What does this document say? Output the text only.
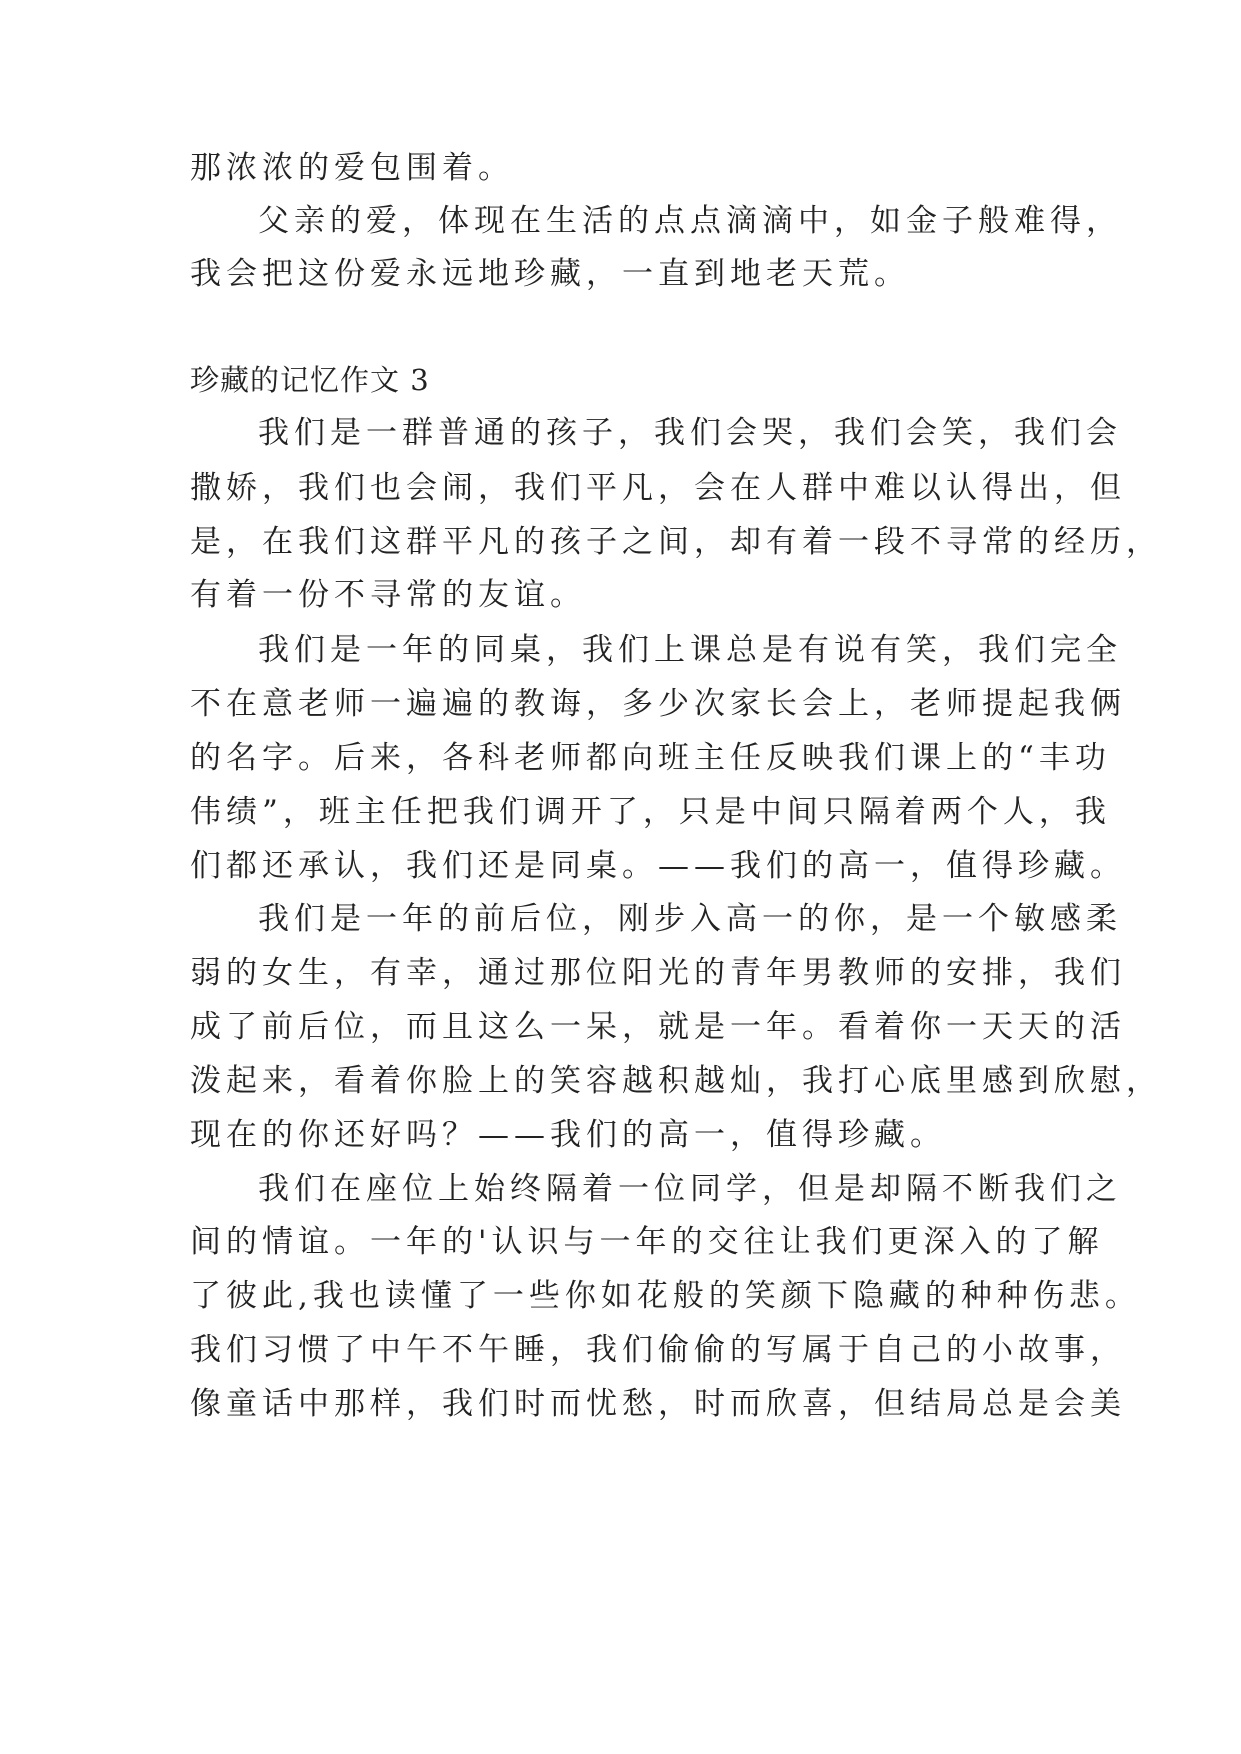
那浓浓的爱包围着。
父亲的爱，体现在生活的点点滴滴中，如金子般难得，
我会把这份爱永远地珍藏，一直到地老天荒。
珍藏的记忆作文 3
我们是一群普通的孩子，我们会哭，我们会笑，我们会
撒娇，我们也会闹，我们平凡，会在人群中难以认得出，但
是，在我们这群平凡的孩子之间，却有着一段不寻常的经历，
有着一份不寻常的友谊。
我们是一年的同桌，我们上课总是有说有笑，我们完全
不在意老师一遍遍的教诲，多少次家长会上，老师提起我俩
的名字。后来，各科老师都向班主任反映我们课上的“丰功
伟绩”，班主任把我们调开了，只是中间只隔着两个人，我
们都还承认，我们还是同桌。——我们的高一，值得珍藏。
我们是一年的前后位，刚步入高一的你，是一个敏感柔
弱的女生，有幸，通过那位阳光的青年男教师的安排，我们
成了前后位，而且这么一呆，就是一年。看着你一天天的活
泼起来，看着你脸上的笑容越积越灿，我打心底里感到欣慰，
现在的你还好吗？——我们的高一，值得珍藏。
我们在座位上始终隔着一位同学，但是却隔不断我们之
间的情谊。一年的'认识与一年的交往让我们更深入的了解
了彼此,我也读懂了一些你如花般的笑颜下隐藏的种种伤悲。
我们习惯了中午不午睡，我们偷偷的写属于自己的小故事，
像童话中那样，我们时而忧愁，时而欣喜，但结局总是会美
